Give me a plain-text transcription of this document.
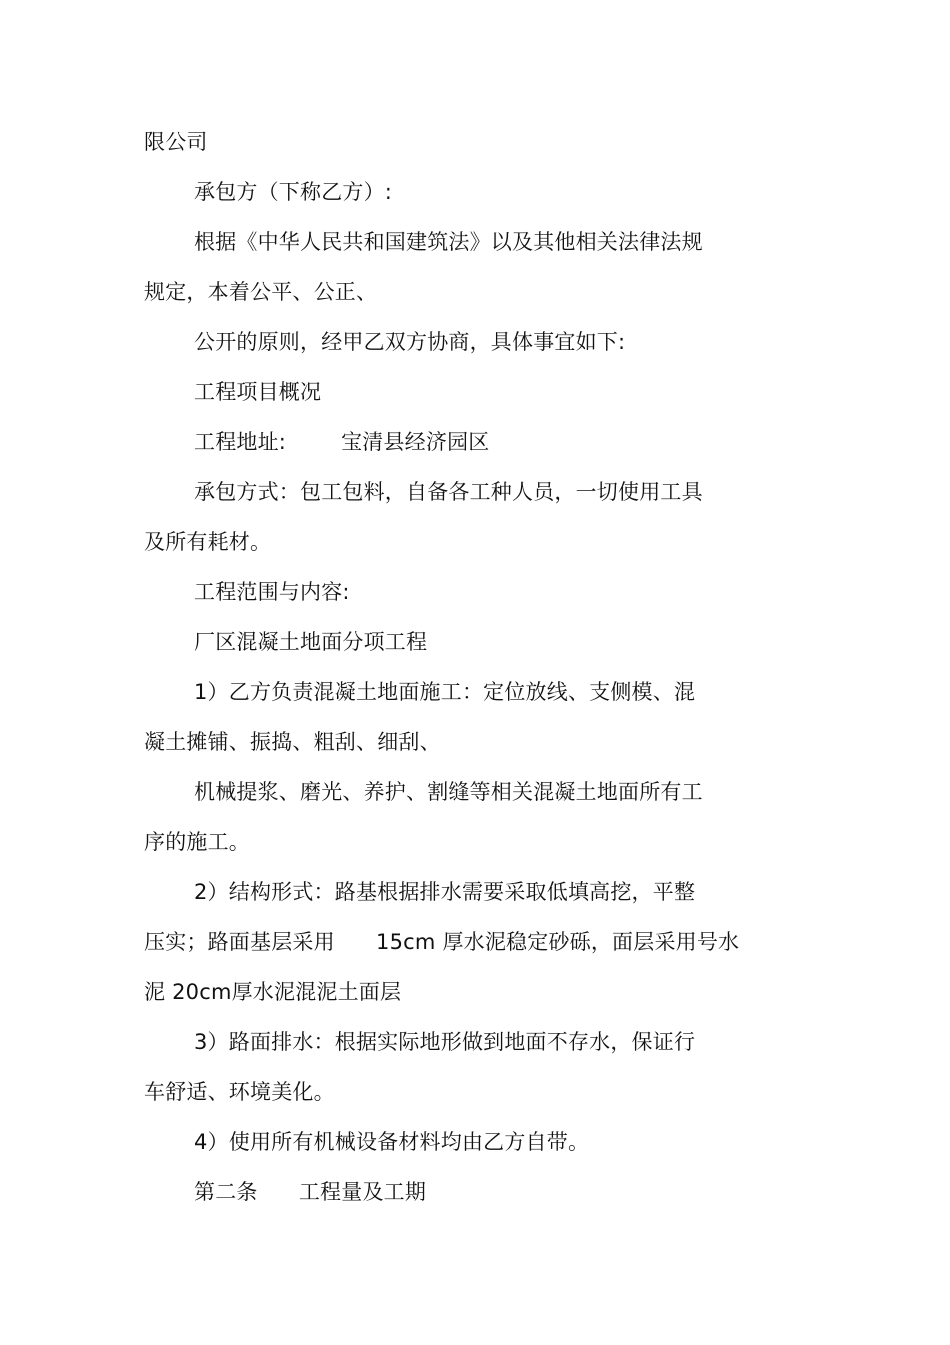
限公司
承包方（下称乙方）:
根据《中华人民共和国建筑法》以及其他相关法律法规
规定，本着公平、公正、
公开的原则，经甲乙双方协商，具体事宜如下:
工程项目概况
工程地址:        宝清县经济园区
承包方式：包工包料，自备各工种人员，一切使用工具
及所有耗材。
工程范围与内容:
厂区混凝土地面分项工程
1）乙方负责混凝土地面施工：定位放线、支侧模、混
凝土摊铺、振捣、粗刮、细刮、
机械提浆、磨光、养护、割缝等相关混凝土地面所有工
序的施工。
2）结构形式：路基根据排水需要采取低填高挖，平整
压实；路面基层采用      15cm 厚水泥稳定砂砾，面层采用号水
泥 20cm厚水泥混泥土面层
3）路面排水：根据实际地形做到地面不存水，保证行
车舒适、环境美化。
4）使用所有机械设备材料均由乙方自带。
第二条      工程量及工期
